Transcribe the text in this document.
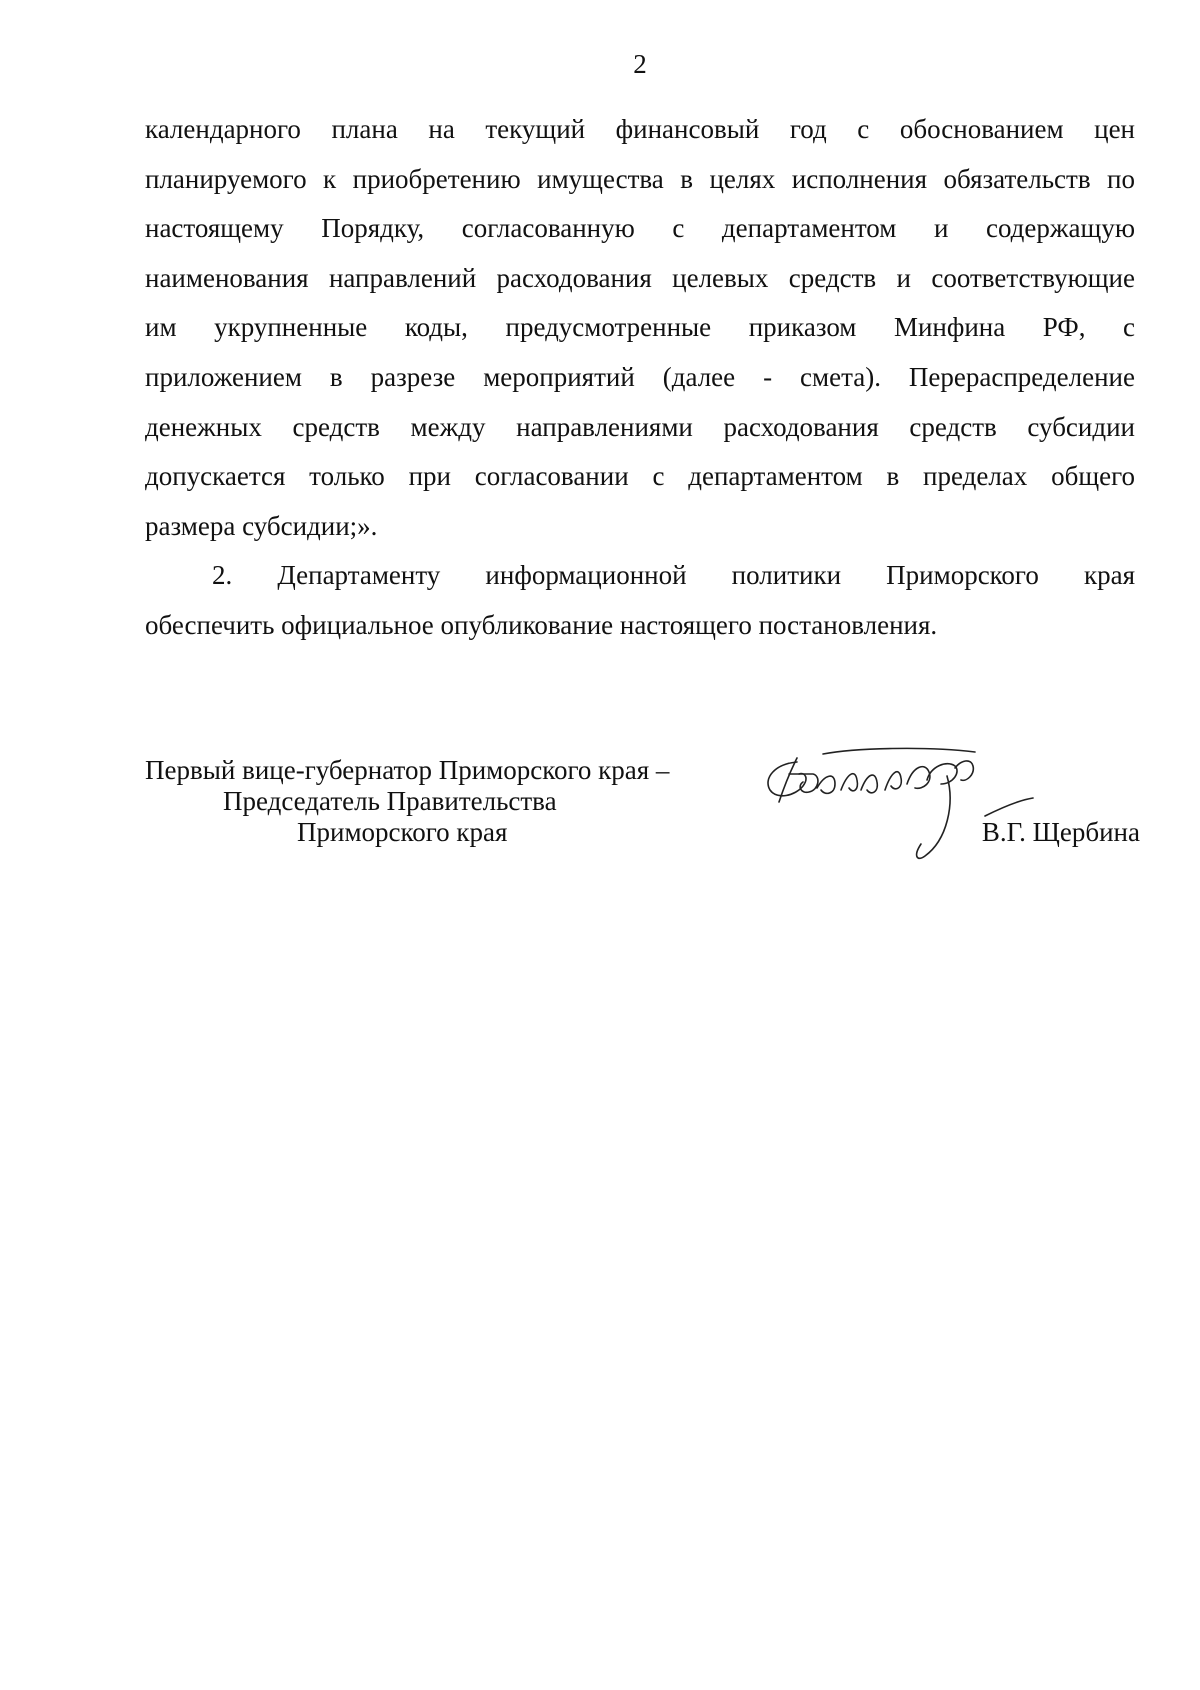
2

календарного плана на текущий финансовый год с обоснованием цен
планируемого к приобретению имущества в целях исполнения обязательств по
настоящему Порядку, согласованную с департаментом и содержащую
наименования направлений расходования целевых средств и соответствующие
им укрупненные коды, предусмотренные приказом Минфина РФ, с
приложением в разрезе мероприятий (далее - смета). Перераспределение
денежных средств между направлениями расходования средств субсидии
допускается только при согласовании с департаментом в пределах общего
размера субсидии;».

2. Департаменту информационной политики Приморского края
обеспечить официальное опубликование настоящего постановления.

Первый вице-губернатор Приморского края –
Председатель Правительства
Приморского края	В.Г. Щербина
